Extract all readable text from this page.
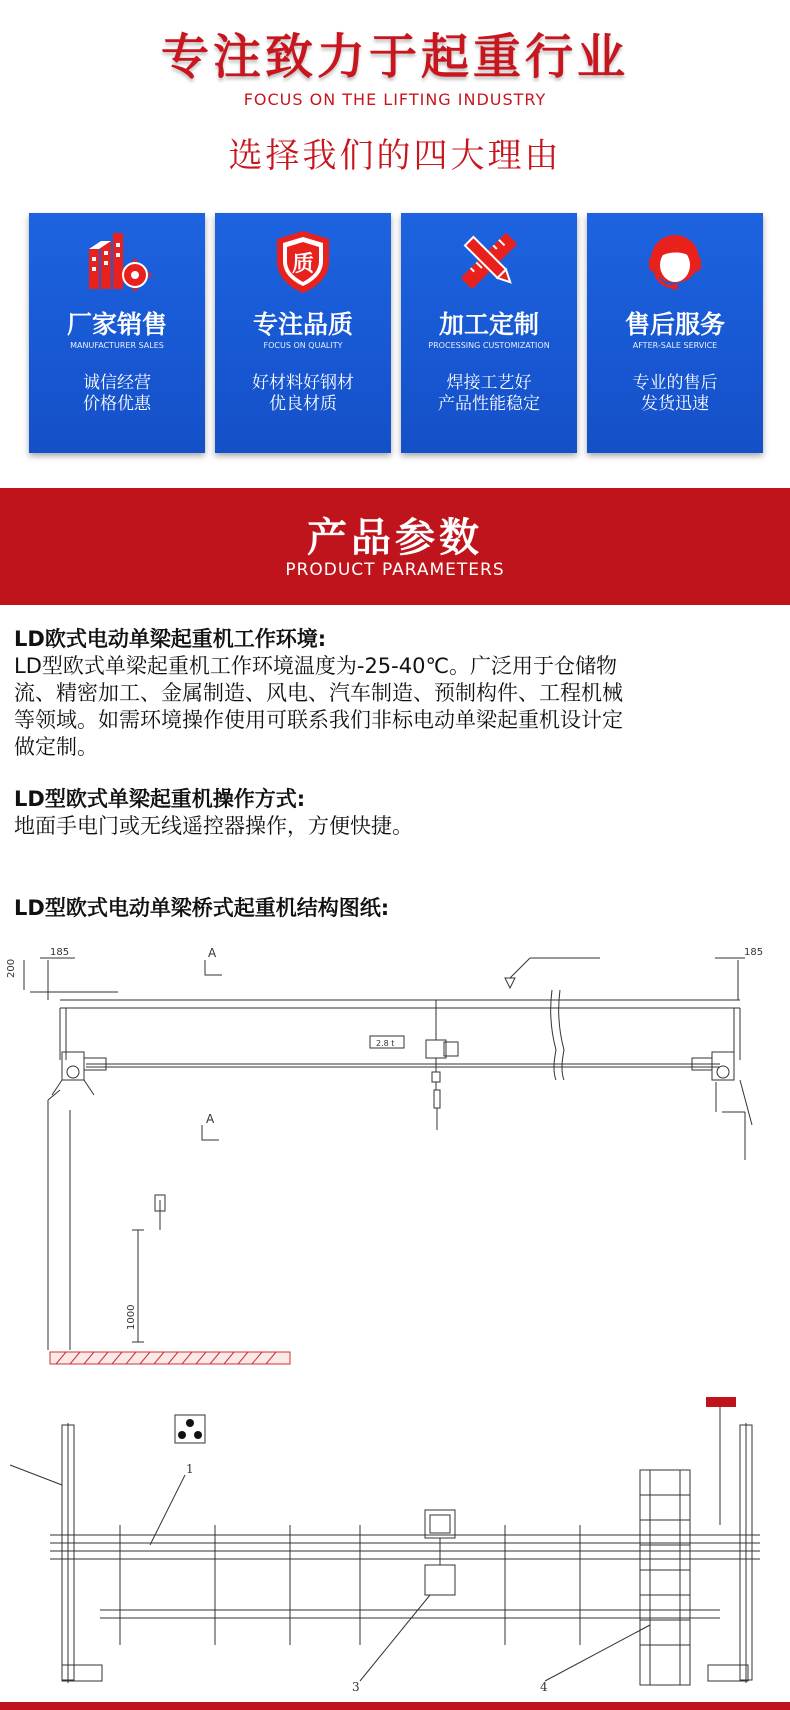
专注致力于起重行业
FOCUS ON THE LIFTING INDUSTRY
选择我们的四大理由
厂家销售
MANUFACTURER SALES
诚信经营
价格优惠
质
专注品质
FOCUS ON QUALITY
好材料好钢材
优良材质
加工定制
PROCESSING CUSTOMIZATION
焊接工艺好
产品性能稳定
售后服务
AFTER-SALE SERVICE
专业的售后
发货迅速
产品参数
PRODUCT PARAMETERS
LD欧式电动单梁起重机工作环境:
LD型欧式单梁起重机工作环境温度为-25-40℃。广泛用于仓储物
流、精密加工、金属制造、风电、汽车制造、预制构件、工程机械
等领域。如需环境操作使用可联系我们非标电动单梁起重机设计定
做定制。
LD型欧式单梁起重机操作方式:
地面手电门或无线遥控器操作，方便快捷。
LD型欧式电动单梁桥式起重机结构图纸:
185	185
200
A
A
2.8 t
1000
1
3	4
